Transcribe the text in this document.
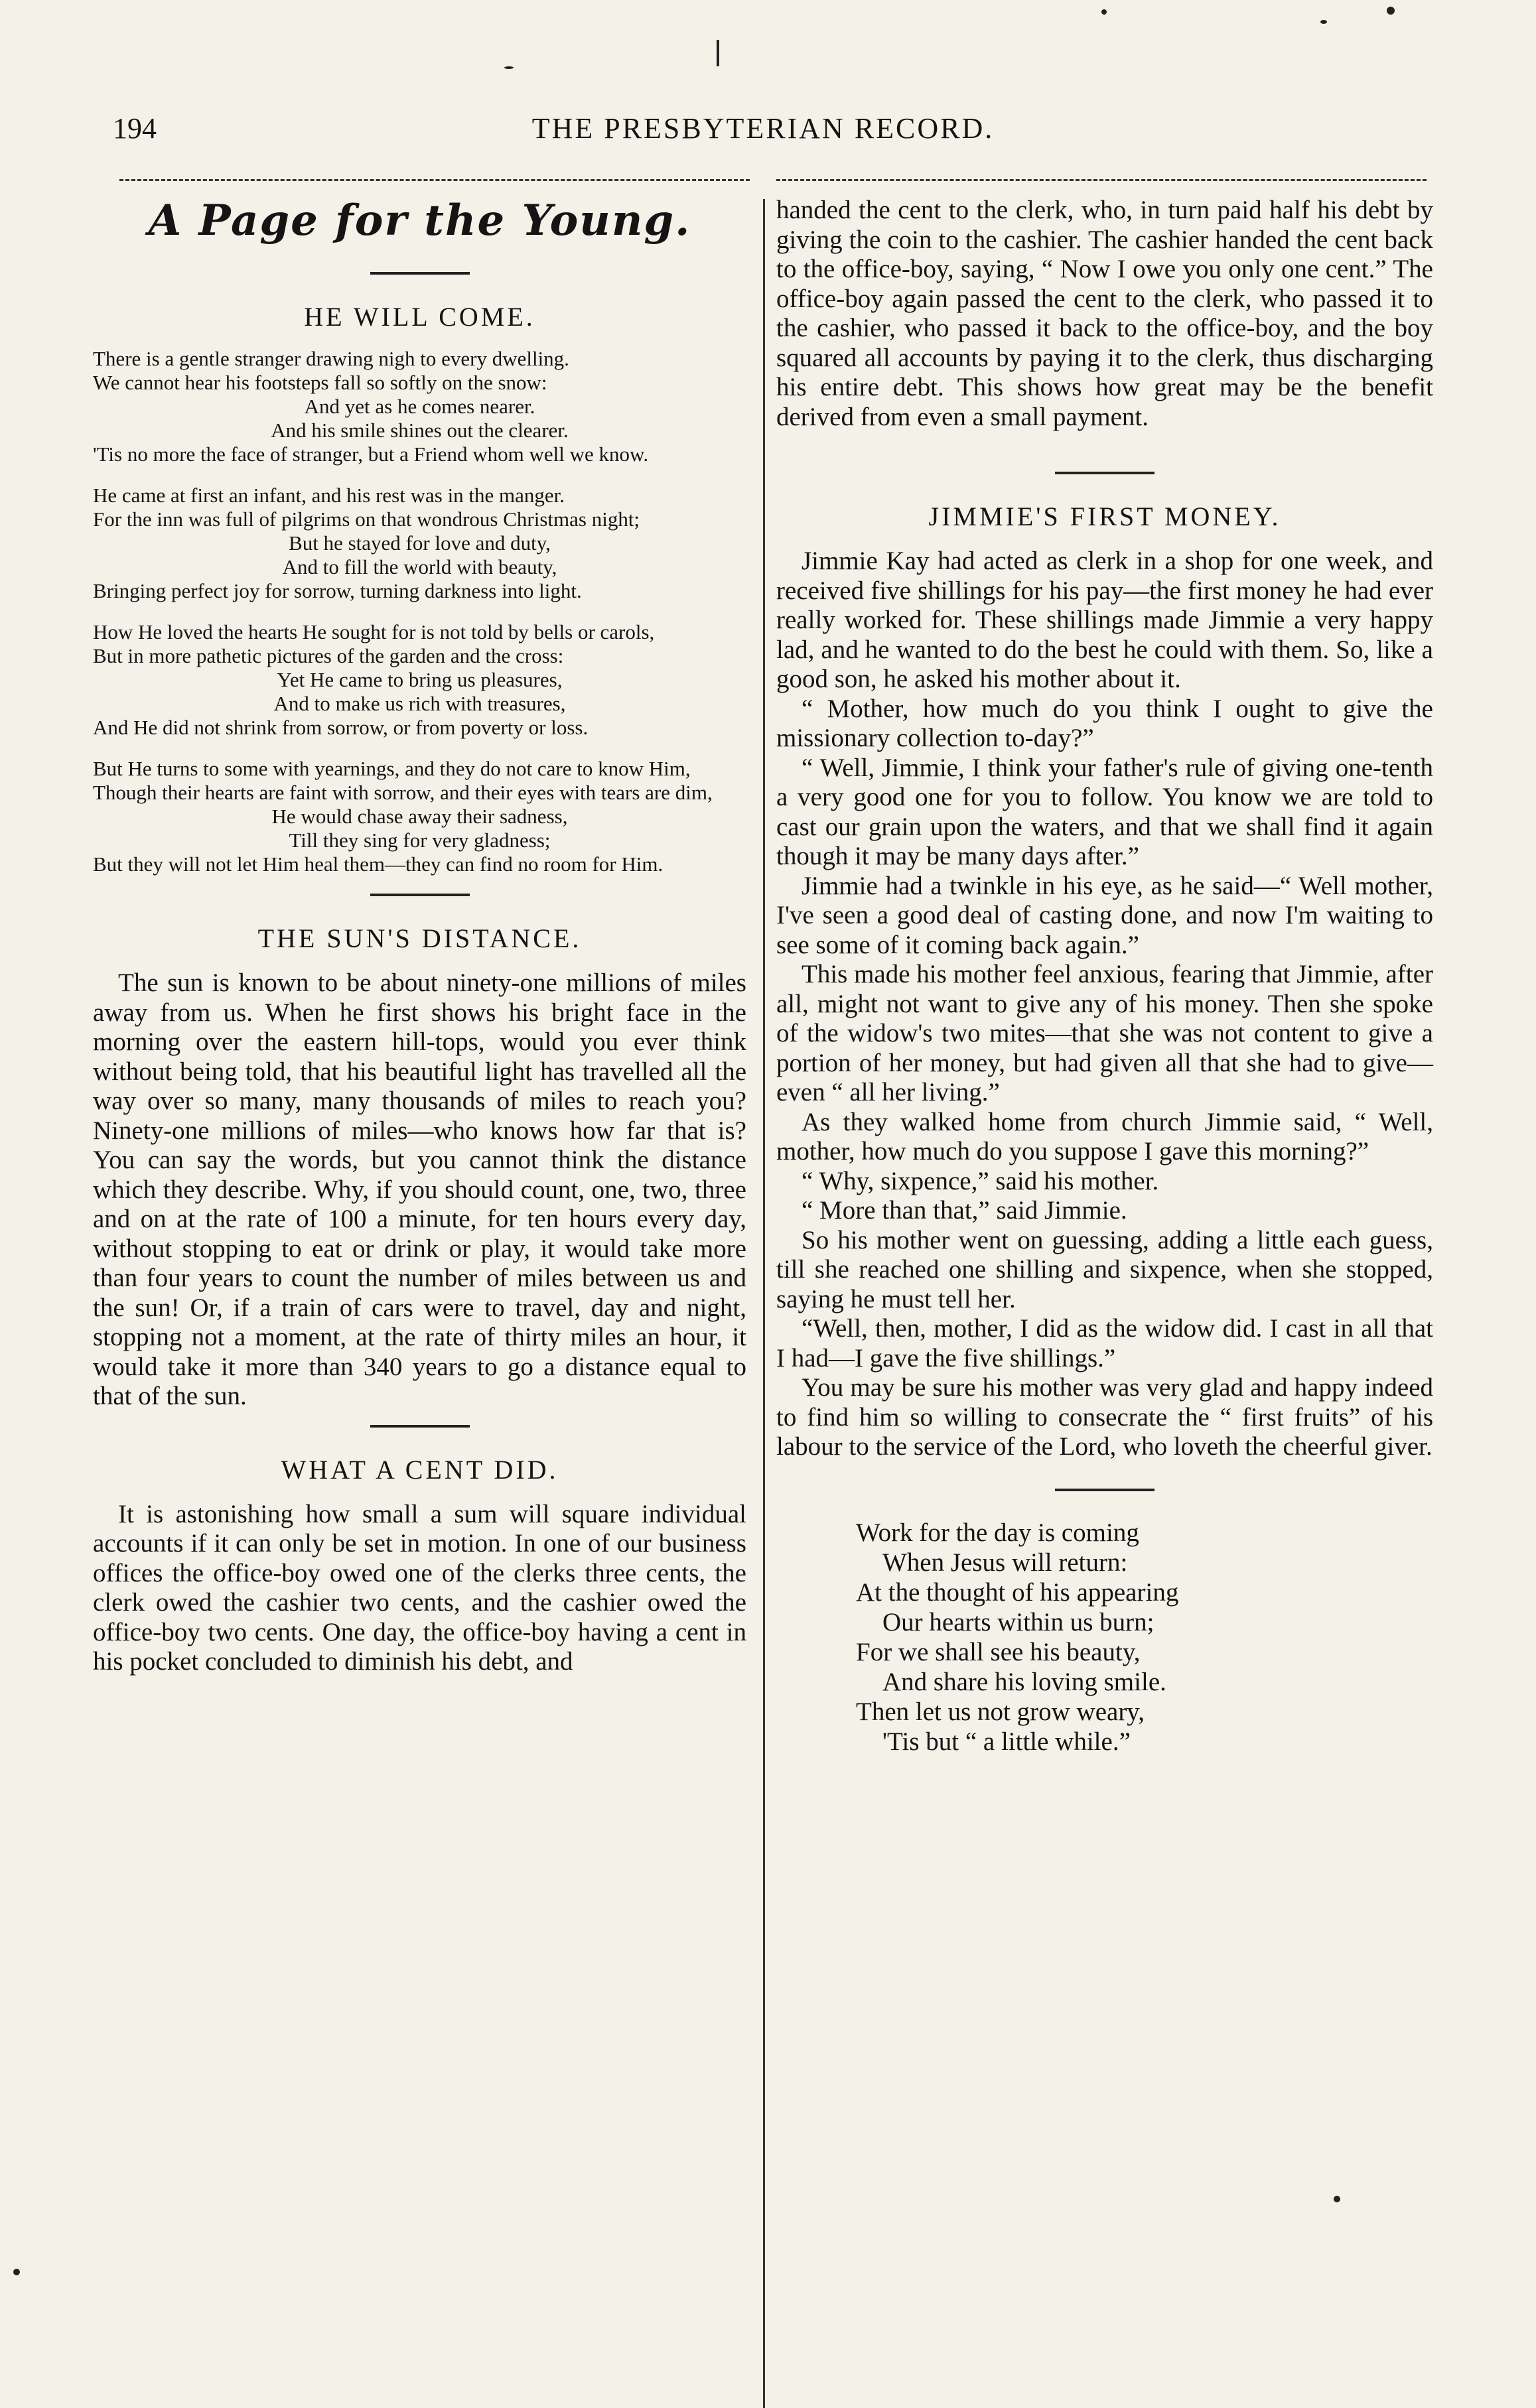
194	THE PRESBYTERIAN RECORD.
A Page for the Young.
HE WILL COME.
There is a gentle stranger drawing nigh to every dwelling.
We cannot hear his footsteps fall so softly on the snow:
And yet as he comes nearer.
And his smile shines out the clearer.
'Tis no more the face of stranger, but a Friend whom well we know.
He came at first an infant, and his rest was in the manger.
For the inn was full of pilgrims on that wondrous Christmas night;
But he stayed for love and duty,
And to fill the world with beauty,
Bringing perfect joy for sorrow, turning darkness into light.
How He loved the hearts He sought for is not told by bells or carols,
But in more pathetic pictures of the garden and the cross:
Yet He came to bring us pleasures,
And to make us rich with treasures,
And He did not shrink from sorrow, or from poverty or loss.
But He turns to some with yearnings, and they do not care to know Him,
Though their hearts are faint with sorrow, and their eyes with tears are dim,
He would chase away their sadness,
Till they sing for very gladness;
But they will not let Him heal them—they can find no room for Him.
THE SUN'S DISTANCE.

The sun is known to be about ninety-one millions of miles away from us. When he first shows his bright face in the morning over the eastern hill-tops, would you ever think without being told, that his beautiful light has travelled all the way over so many, many thousands of miles to reach you? Ninety-one millions of miles—who knows how far that is? You can say the words, but you cannot think the distance which they describe. Why, if you should count, one, two, three and on at the rate of 100 a minute, for ten hours every day, without stopping to eat or drink or play, it would take more than four years to count the number of miles between us and the sun! Or, if a train of cars were to travel, day and night, stopping not a moment, at the rate of thirty miles an hour, it would take it more than 340 years to go a distance equal to that of the sun.

WHAT A CENT DID.

It is astonishing how small a sum will square individual accounts if it can only be set in motion. In one of our business offices the office-boy owed one of the clerks three cents, the clerk owed the cashier two cents, and the cashier owed the office-boy two cents. One day, the office-boy having a cent in his pocket concluded to diminish his debt, and

handed the cent to the clerk, who, in turn paid half his debt by giving the coin to the cashier. The cashier handed the cent back to the office-boy, saying, “ Now I owe you only one cent.” The office-boy again passed the cent to the clerk, who passed it to the cashier, who passed it back to the office-boy, and the boy squared all accounts by paying it to the clerk, thus discharging his entire debt. This shows how great may be the benefit derived from even a small payment.

JIMMIE'S FIRST MONEY.

Jimmie Kay had acted as clerk in a shop for one week, and received five shillings for his pay—the first money he had ever really worked for. These shillings made Jimmie a very happy lad, and he wanted to do the best he could with them. So, like a good son, he asked his mother about it.

“ Mother, how much do you think I ought to give the missionary collection to-day?”

“ Well, Jimmie, I think your father's rule of giving one-tenth a very good one for you to follow. You know we are told to cast our grain upon the waters, and that we shall find it again though it may be many days after.”

Jimmie had a twinkle in his eye, as he said—“ Well mother, I've seen a good deal of casting done, and now I'm waiting to see some of it coming back again.”

This made his mother feel anxious, fearing that Jimmie, after all, might not want to give any of his money. Then she spoke of the widow's two mites—that she was not content to give a portion of her money, but had given all that she had to give—even “ all her living.”

As they walked home from church Jimmie said, “ Well, mother, how much do you suppose I gave this morning?”

“ Why, sixpence,” said his mother.

“ More than that,” said Jimmie.

So his mother went on guessing, adding a little each guess, till she reached one shilling and sixpence, when she stopped, saying he must tell her.

“Well, then, mother, I did as the widow did. I cast in all that I had—I gave the five shillings.”

You may be sure his mother was very glad and happy indeed to find him so willing to consecrate the “ first fruits” of his labour to the service of the Lord, who loveth the cheerful giver.

Work for the day is coming
When Jesus will return:
At the thought of his appearing
Our hearts within us burn;
For we shall see his beauty,
And share his loving smile.
Then let us not grow weary,
'Tis but “ a little while.”
